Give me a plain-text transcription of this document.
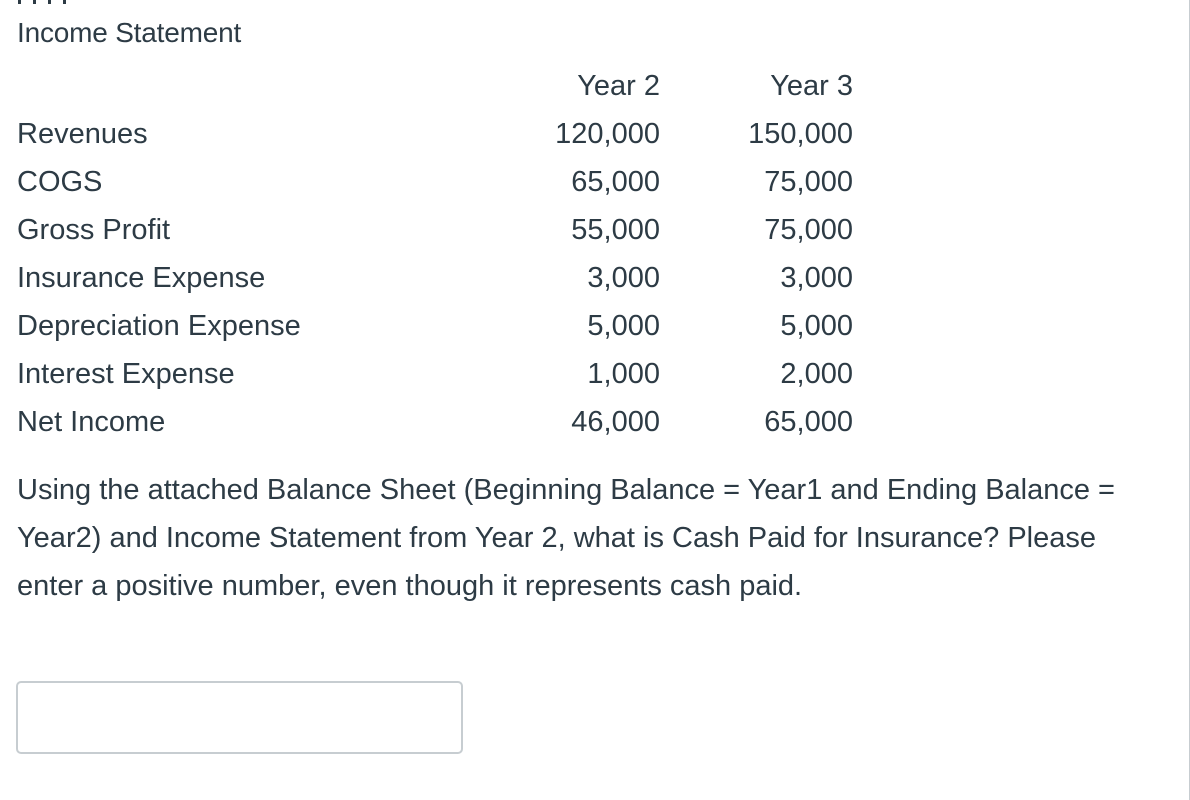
Income Statement
	Year 2	Year 3
Revenues	120,000	150,000
COGS	65,000	75,000
Gross Profit	55,000	75,000
Insurance Expense	3,000	3,000
Depreciation Expense	5,000	5,000
Interest Expense	1,000	2,000
Net Income	46,000	65,000

Using the attached Balance Sheet (Beginning Balance = Year1 and Ending Balance = Year2) and Income Statement from Year 2, what is Cash Paid for Insurance? Please enter a positive number, even though it represents cash paid.
